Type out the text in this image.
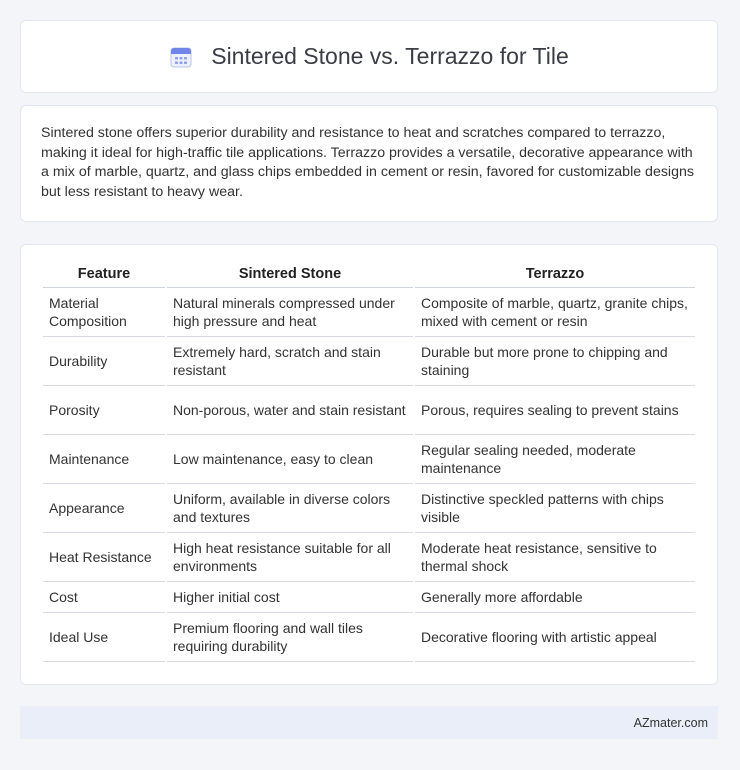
Sintered Stone vs. Terrazzo for Tile

Sintered stone offers superior durability and resistance to heat and scratches compared to terrazzo, making it ideal for high-traffic tile applications. Terrazzo provides a versatile, decorative appearance with a mix of marble, quartz, and glass chips embedded in cement or resin, favored for customizable designs but less resistant to heavy wear.

Feature	Sintered Stone	Terrazzo
Material Composition	Natural minerals compressed under high pressure and heat	Composite of marble, quartz, granite chips, mixed with cement or resin
Durability	Extremely hard, scratch and stain resistant	Durable but more prone to chipping and staining
Porosity	Non-porous, water and stain resistant	Porous, requires sealing to prevent stains
Maintenance	Low maintenance, easy to clean	Regular sealing needed, moderate maintenance
Appearance	Uniform, available in diverse colors and textures	Distinctive speckled patterns with chips visible
Heat Resistance	High heat resistance suitable for all environments	Moderate heat resistance, sensitive to thermal shock
Cost	Higher initial cost	Generally more affordable
Ideal Use	Premium flooring and wall tiles requiring durability	Decorative flooring with artistic appeal
AZmater.com
